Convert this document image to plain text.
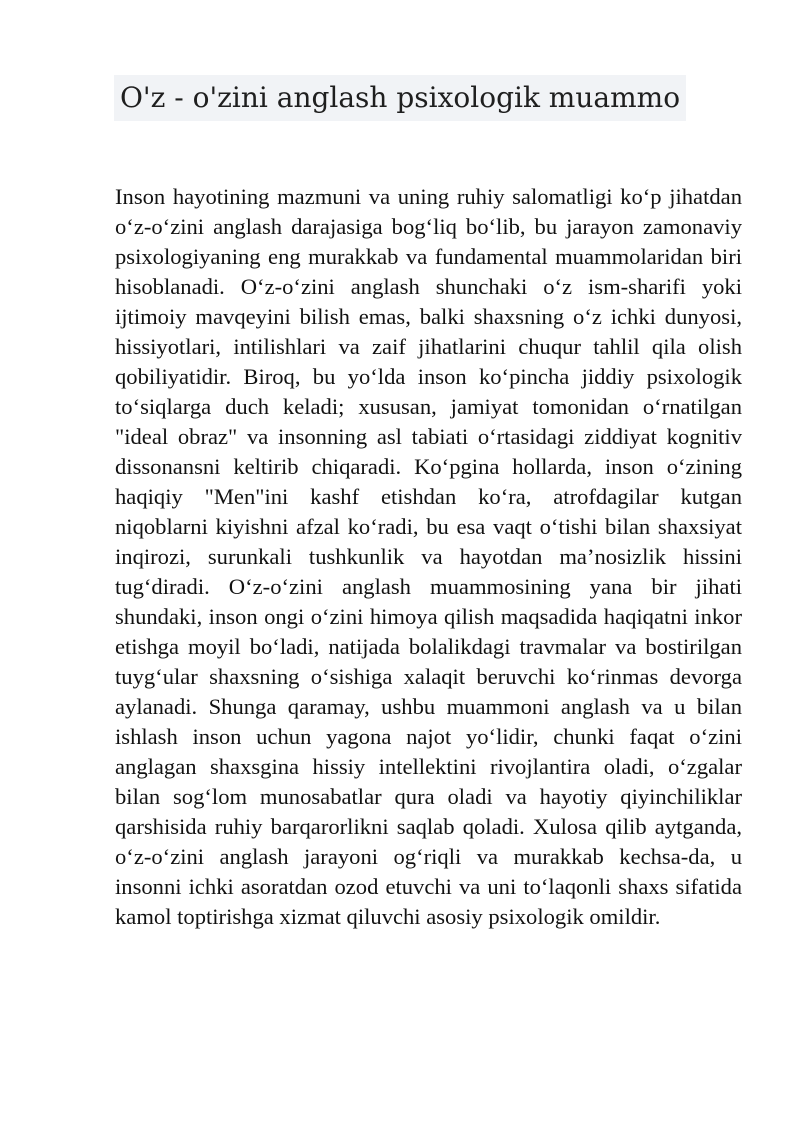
O'z - o'zini anglash psixologik muammo

Inson hayotining mazmuni va uning ruhiy salomatligi ko‘p jihatdan o‘z-o‘zini anglash darajasiga bog‘liq bo‘lib, bu jarayon zamonaviy psixologiyaning eng murakkab va fundamental muammolaridan biri hisoblanadi. O‘z-o‘zini anglash shunchaki o‘z ism-sharifi yoki ijtimoiy mavqeyini bilish emas, balki shaxsning o‘z ichki dunyosi, hissiyotlari, intilishlari va zaif jihatlarini chuqur tahlil qila olish qobiliyatidir. Biroq, bu yo‘lda inson ko‘pincha jiddiy psixologik to‘siqlarga duch keladi; xususan, jamiyat tomonidan o‘rnatilgan "ideal obraz" va insonning asl tabiati o‘rtasidagi ziddiyat kognitiv dissonansni keltirib chiqaradi. Ko‘pgina hollarda, inson o‘zining haqiqiy "Men"ini kashf etishdan ko‘ra, atrofdagilar kutgan niqoblarni kiyishni afzal ko‘radi, bu esa vaqt o‘tishi bilan shaxsiyat inqirozi, surunkali tushkunlik va hayotdan ma’nosizlik hissini tug‘diradi. O‘z-o‘zini anglash muammosining yana bir jihati shundaki, inson ongi o‘zini himoya qilish maqsadida haqiqatni inkor etishga moyil bo‘ladi, natijada bolalikdagi travmalar va bostirilgan tuyg‘ular shaxsning o‘sishiga xalaqit beruvchi ko‘rinmas devorga aylanadi. Shunga qaramay, ushbu muammoni anglash va u bilan ishlash inson uchun yagona najot yo‘lidir, chunki faqat o‘zini anglagan shaxsgina hissiy intellektini rivojlantira oladi, o‘zgalar bilan sog‘lom munosabatlar qura oladi va hayotiy qiyinchiliklar qarshisida ruhiy barqarorlikni saqlab qoladi. Xulosa qilib aytganda, o‘z-o‘zini anglash jarayoni og‘riqli va murakkab kechsa-da, u insonni ichki asoratdan ozod etuvchi va uni to‘laqonli shaxs sifatida kamol toptirishga xizmat qiluvchi asosiy psixologik omildir.
